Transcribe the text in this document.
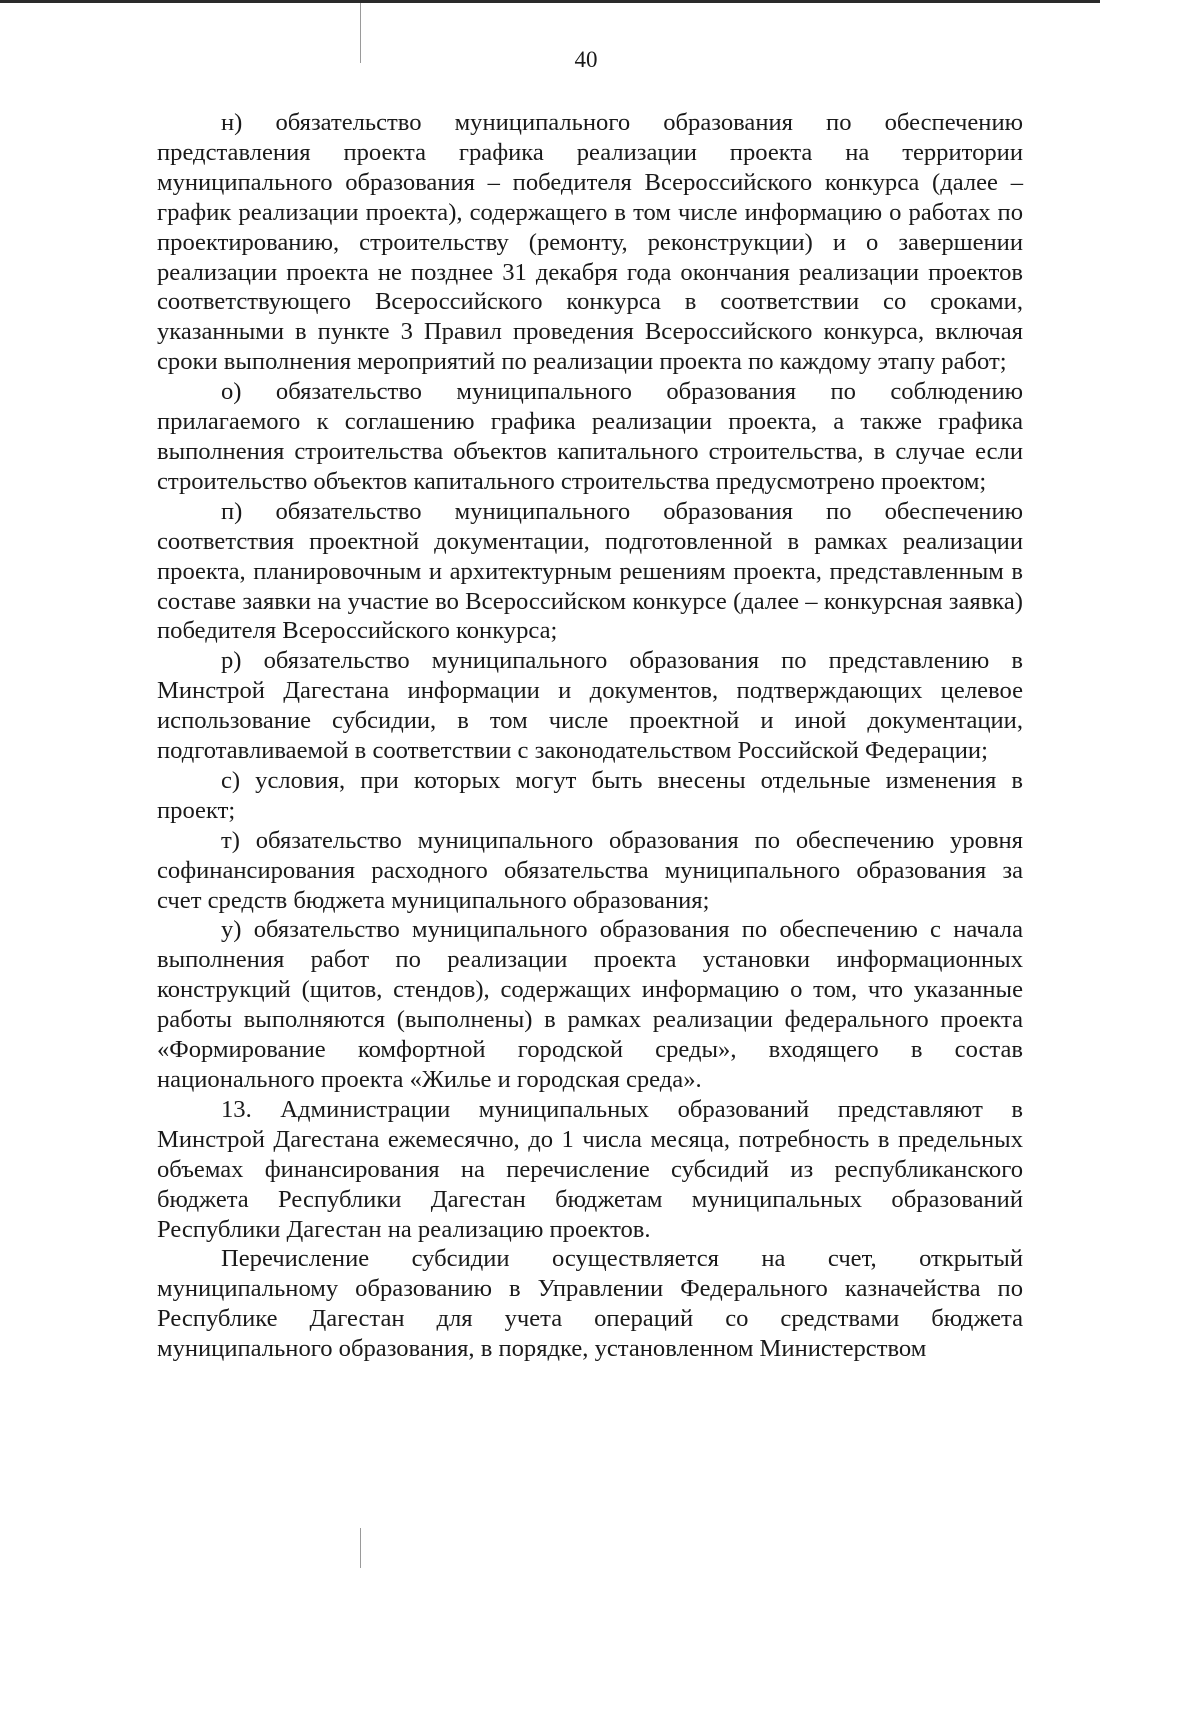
40

н) обязательство муниципального образования по обеспечению представления проекта графика реализации проекта на территории муниципального образования – победителя Всероссийского конкурса (далее – график реализации проекта), содержащего в том числе информацию о работах по проектированию, строительству (ремонту, реконструкции) и о завершении реализации проекта не позднее 31 декабря года окончания реализации проектов соответствующего Всероссийского конкурса в соответствии со сроками, указанными в пункте 3 Правил проведения Всероссийского конкурса, включая сроки выполнения мероприятий по реализации проекта по каждому этапу работ;

о) обязательство муниципального образования по соблюдению прилагаемого к соглашению графика реализации проекта, а также графика выполнения строительства объектов капитального строительства, в случае если строительство объектов капитального строительства предусмотрено проектом;

п) обязательство муниципального образования по обеспечению соответствия проектной документации, подготовленной в рамках реализации проекта, планировочным и архитектурным решениям проекта, представленным в составе заявки на участие во Всероссийском конкурсе (далее – конкурсная заявка) победителя Всероссийского конкурса;

р) обязательство муниципального образования по представлению в Минстрой Дагестана информации и документов, подтверждающих целевое использование субсидии, в том числе проектной и иной документации, подготавливаемой в соответствии с законодательством Российской Федерации;

с) условия, при которых могут быть внесены отдельные изменения в проект;

т) обязательство муниципального образования по обеспечению уровня софинансирования расходного обязательства муниципального образования за счет средств бюджета муниципального образования;

у) обязательство муниципального образования по обеспечению с начала выполнения работ по реализации проекта установки информационных конструкций (щитов, стендов), содержащих информацию о том, что указанные работы выполняются (выполнены) в рамках реализации федерального проекта «Формирование комфортной городской среды», входящего в состав национального проекта «Жилье и городская среда».

13. Администрации муниципальных образований представляют в Минстрой Дагестана ежемесячно, до 1 числа месяца, потребность в предельных объемах финансирования на перечисление субсидий из республиканского бюджета Республики Дагестан бюджетам муниципальных образований Республики Дагестан на реализацию проектов.

Перечисление субсидии осуществляется на счет, открытый муниципальному образованию в Управлении Федерального казначейства по Республике Дагестан для учета операций со средствами бюджета муниципального образования, в порядке, установленном Министерством
